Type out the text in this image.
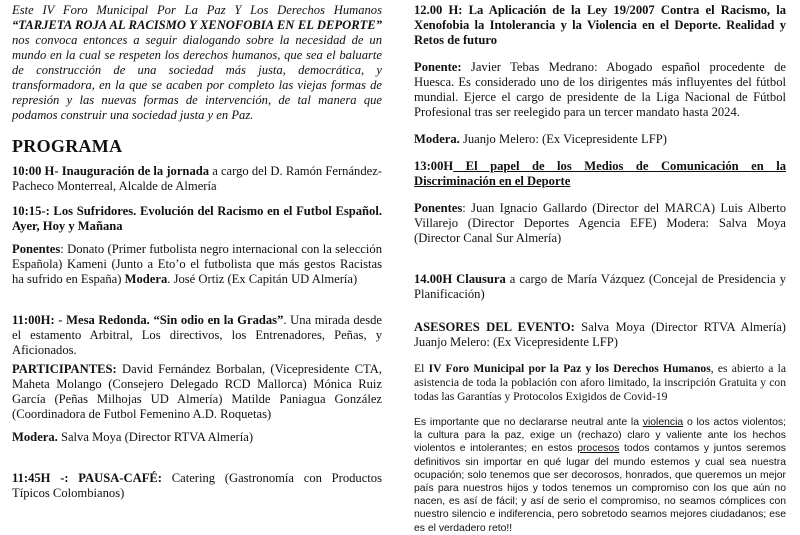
Este IV Foro Municipal Por La Paz Y Los Derechos Humanos “TARJETA ROJA AL RACISMO Y XENOFOBIA EN EL DEPORTE” nos convoca entonces a seguir dialogando sobre la necesidad de un mundo en la cual se respeten los derechos humanos, que sea el baluarte de construcción de una sociedad más justa, democrática, y transformadora, en la que se acaben por completo las viejas formas de represión y las nuevas formas de intervención, de tal manera que podamos construir una sociedad justa y en Paz.

PROGRAMA

10:00 H- Inauguración de la jornada a cargo del D. Ramón Fernández-Pacheco Monterreal, Alcalde de Almería

10:15-: Los Sufridores. Evolución del Racismo en el Futbol Español. Ayer, Hoy y Mañana

Ponentes: Donato (Primer futbolista negro internacional con la selección Española) Kameni (Junto a Eto’o el futbolista que más gestos Racistas ha sufrido en España) Modera. José Ortiz (Ex Capitán UD Almería)

11:00H: - Mesa Redonda. “Sin odio en la Gradas”. Una mirada desde el estamento Arbitral, Los directivos, los Entrenadores, Peñas, y Aficionados.

PARTICIPANTES: David Fernández Borbalan, (Vicepresidente CTA, Maheta Molango (Consejero Delegado RCD Mallorca) Mónica Ruiz García (Peñas Milhojas UD Almería) Matilde Paniagua González (Coordinadora de Futbol Femenino A.D. Roquetas)

Modera. Salva Moya (Director RTVA Almería)

11:45H -: PAUSA-CAFÉ: Catering (Gastronomía con Productos Típicos Colombianos)

12.00 H: La Aplicación de la Ley 19/2007 Contra el Racismo, la Xenofobia la Intolerancia y la Violencia en el Deporte. Realidad y Retos de futuro

Ponente: Javier Tebas Medrano: Abogado español procedente de Huesca. Es considerado uno de los dirigentes más influyentes del fútbol mundial. Ejerce el cargo de presidente de la Liga Nacional de Fútbol Profesional tras ser reelegido para un tercer mandato hasta 2024.

Modera. Juanjo Melero: (Ex Vicepresidente LFP)

13:00H El papel de los Medios de Comunicación en la Discriminación en el Deporte

Ponentes: Juan Ignacio Gallardo (Director del MARCA) Luis Alberto Villarejo (Director Deportes Agencia EFE) Modera: Salva Moya (Director Canal Sur Almería)

14.00H Clausura a cargo de María Vázquez (Concejal de Presidencia y Planificación)

ASESORES DEL EVENTO: Salva Moya (Director RTVA Almería) Juanjo Melero: (Ex Vicepresidente LFP)

El IV Foro Municipal por la Paz y los Derechos Humanos, es abierto a la asistencia de toda la población con aforo limitado, la inscripción Gratuita y con todas las Garantías y Protocolos Exigidos de Covid-19

Es importante que no declararse neutral ante la violencia o los actos violentos; la cultura para la paz, exige un (rechazo) claro y valiente ante los hechos violentos e intolerantes; en estos procesos todos contamos y juntos seremos definitivos sin importar en qué lugar del mundo estemos y cual sea nuestra ocupación; solo tenemos que ser decorosos, honrados, que queremos un mejor país para nuestros hijos y todos tenemos un compromiso con los que aún no nacen, es así de fácil; y así de serio el compromiso, no seamos cómplices con nuestro silencio e indiferencia, pero sobretodo seamos mejores ciudadanos; ese es el verdadero reto!!
